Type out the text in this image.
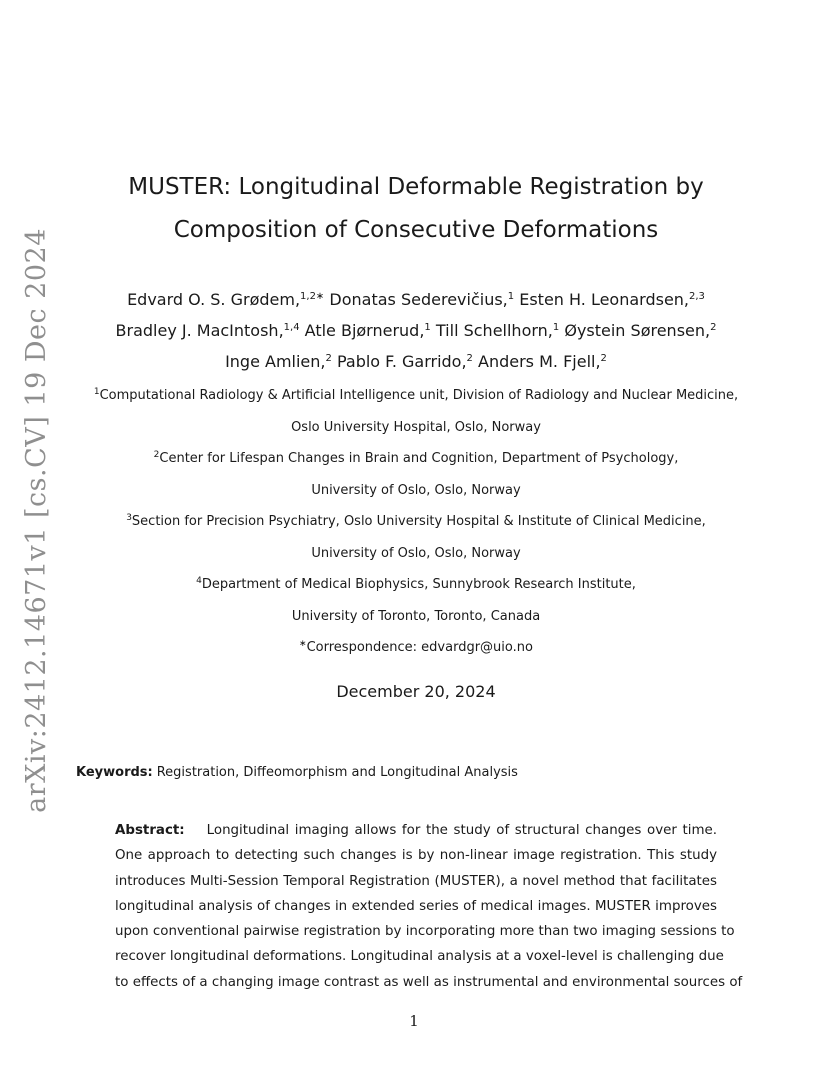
arXiv:2412.14671v1 [cs.CV] 19 Dec 2024
MUSTER: Longitudinal Deformable Registration by
Composition of Consecutive Deformations
Edvard O. S. Grødem,$^{1,2∗}$ Donatas Sederevičius,$^1$ Esten H. Leonardsen,$^{2,3}$
Bradley J. MacIntosh,$^{1,4}$ Atle Bjørnerud,$^1$ Till Schellhorn,$^1$ Øystein Sørensen,$^2$
Inge Amlien,$^2$ Pablo F. Garrido,$^2$ Anders M. Fjell,$^2$
$^1$Computational Radiology & Artificial Intelligence unit, Division of Radiology and Nuclear Medicine,
Oslo University Hospital, Oslo, Norway
$^2$Center for Lifespan Changes in Brain and Cognition, Department of Psychology,
University of Oslo, Oslo, Norway
$^3$Section for Precision Psychiatry, Oslo University Hospital & Institute of Clinical Medicine,
University of Oslo, Oslo, Norway
$^4$Department of Medical Biophysics, Sunnybrook Research Institute,
University of Toronto, Toronto, Canada
∗Correspondence: edvardgr@uio.no
December 20, 2024
Keywords: Registration, Diffeomorphism and Longitudinal Analysis
Abstract: Longitudinal imaging allows for the study of structural changes over time.
One approach to detecting such changes is by non-linear image registration. This study
introduces Multi-Session Temporal Registration (MUSTER), a novel method that facilitates
longitudinal analysis of changes in extended series of medical images. MUSTER improves
upon conventional pairwise registration by incorporating more than two imaging sessions to
recover longitudinal deformations. Longitudinal analysis at a voxel-level is challenging due
to effects of a changing image contrast as well as instrumental and environmental sources of
1
